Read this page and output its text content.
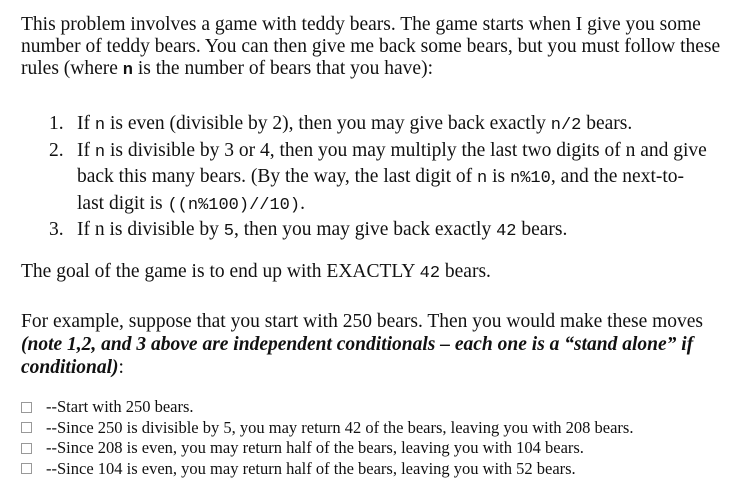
This problem involves a game with teddy bears. The game starts when I give you some number of teddy bears. You can then give me back some bears, but you must follow these rules (where n is the number of bears that you have):

1. If n is even (divisible by 2), then you may give back exactly n/2 bears.
2. If n is divisible by 3 or 4, then you may multiply the last two digits of n and give back this many bears. (By the way, the last digit of n is n%10, and the next-to-last digit is ((n%100)//10).
3. If n is divisible by 5, then you may give back exactly 42 bears.

The goal of the game is to end up with EXACTLY 42 bears.

For example, suppose that you start with 250 bears. Then you would make these moves (note 1,2, and 3 above are independent conditionals – each one is a “stand alone” if conditional):

--Start with 250 bears.
--Since 250 is divisible by 5, you may return 42 of the bears, leaving you with 208 bears.
--Since 208 is even, you may return half of the bears, leaving you with 104 bears.
--Since 104 is even, you may return half of the bears, leaving you with 52 bears.
